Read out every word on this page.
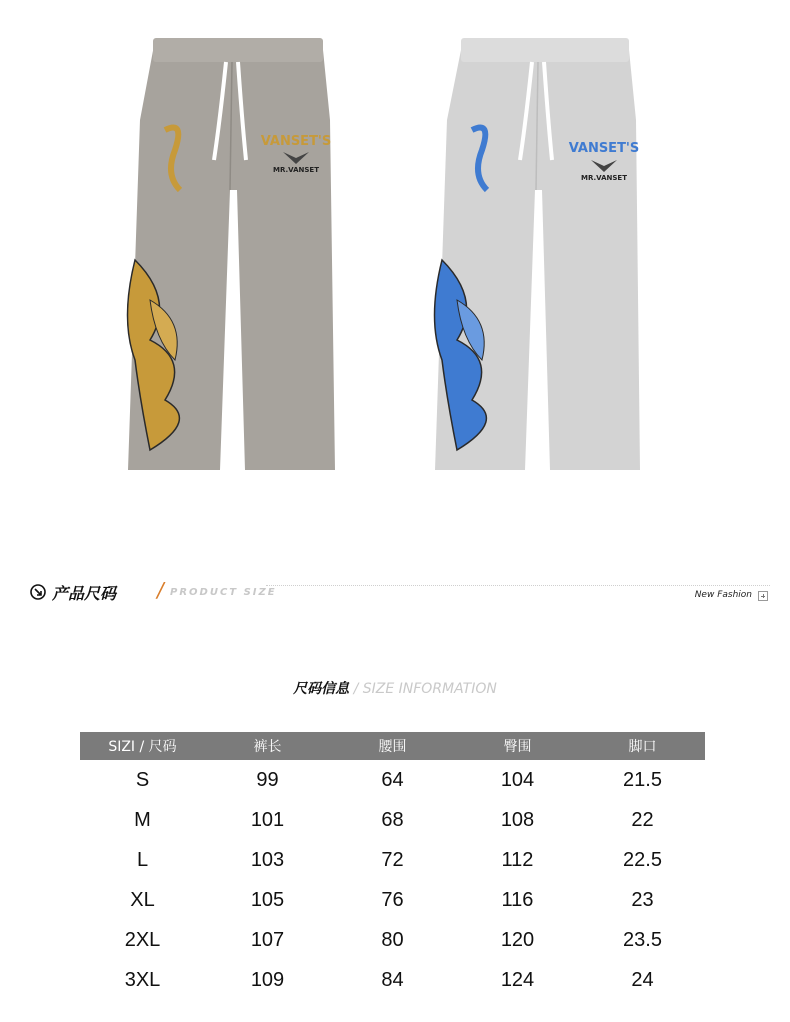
VANSET'S
MR.VANSET
VANSET'S
MR.VANSET
产品尺码 / PRODUCT SIZE	New Fashion
尺码信息 / SIZE INFORMATION
SIZI / 尺码	裤长	腰围	臀围	脚口
S	99	64	104	21.5
M	101	68	108	22
L	103	72	112	22.5
XL	105	76	116	23
2XL	107	80	120	23.5
3XL	109	84	124	24
